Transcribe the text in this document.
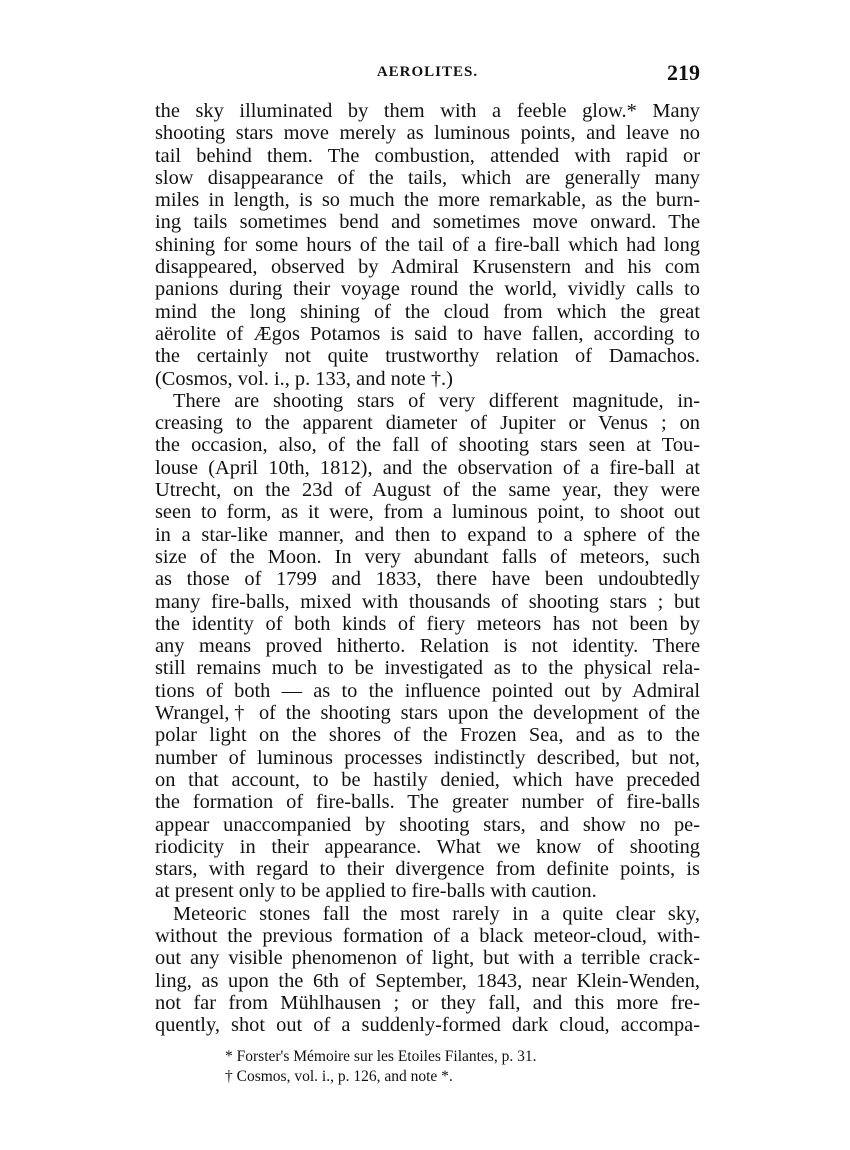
AEROLITES.	219
the sky illuminated by them with a feeble glow.* Many
shooting stars move merely as luminous points, and leave no
tail behind them. The combustion, attended with rapid or
slow disappearance of the tails, which are generally many
miles in length, is so much the more remarkable, as the burn-
ing tails sometimes bend and sometimes move onward. The
shining for some hours of the tail of a fire-ball which had long
disappeared, observed by Admiral Krusenstern and his com
panions during their voyage round the world, vividly calls to
mind the long shining of the cloud from which the great
aërolite of Ægos Potamos is said to have fallen, according to
the certainly not quite trustworthy relation of Damachos.
(Cosmos, vol. i., p. 133, and note †.)
There are shooting stars of very different magnitude, in-
creasing to the apparent diameter of Jupiter or Venus ; on
the occasion, also, of the fall of shooting stars seen at Tou-
louse (April 10th, 1812), and the observation of a fire-ball at
Utrecht, on the 23d of August of the same year, they were
seen to form, as it were, from a luminous point, to shoot out
in a star-like manner, and then to expand to a sphere of the
size of the Moon. In very abundant falls of meteors, such
as those of 1799 and 1833, there have been undoubtedly
many fire-balls, mixed with thousands of shooting stars ; but
the identity of both kinds of fiery meteors has not been by
any means proved hitherto. Relation is not identity. There
still remains much to be investigated as to the physical rela-
tions of both — as to the influence pointed out by Admiral
Wrangel,† of the shooting stars upon the development of the
polar light on the shores of the Frozen Sea, and as to the
number of luminous processes indistinctly described, but not,
on that account, to be hastily denied, which have preceded
the formation of fire-balls. The greater number of fire-balls
appear unaccompanied by shooting stars, and show no pe-
riodicity in their appearance. What we know of shooting
stars, with regard to their divergence from definite points, is
at present only to be applied to fire-balls with caution.
Meteoric stones fall the most rarely in a quite clear sky,
without the previous formation of a black meteor-cloud, with-
out any visible phenomenon of light, but with a terrible crack-
ling, as upon the 6th of September, 1843, near Klein-Wenden,
not far from Mühlhausen ; or they fall, and this more fre-
quently, shot out of a suddenly-formed dark cloud, accompa-
* Forster's Mémoire sur les Etoiles Filantes, p. 31.
† Cosmos, vol. i., p. 126, and note *.
